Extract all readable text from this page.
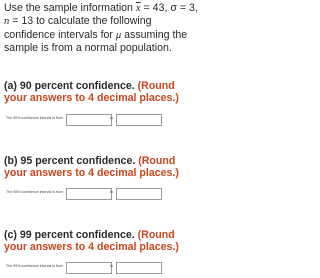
Use the sample information $\overline{x} = 43$, σ = 3, n = 13 to calculate the following confidence intervals for μ assuming the sample is from a normal population.
(a) 90 percent confidence. (Round your answers to 4 decimal places.)
The 90% confidence interval is from	to
(b) 95 percent confidence. (Round your answers to 4 decimal places.)
The 95% confidence interval is from	to
(c) 99 percent confidence. (Round your answers to 4 decimal places.)
The 99% confidence interval is from	to
